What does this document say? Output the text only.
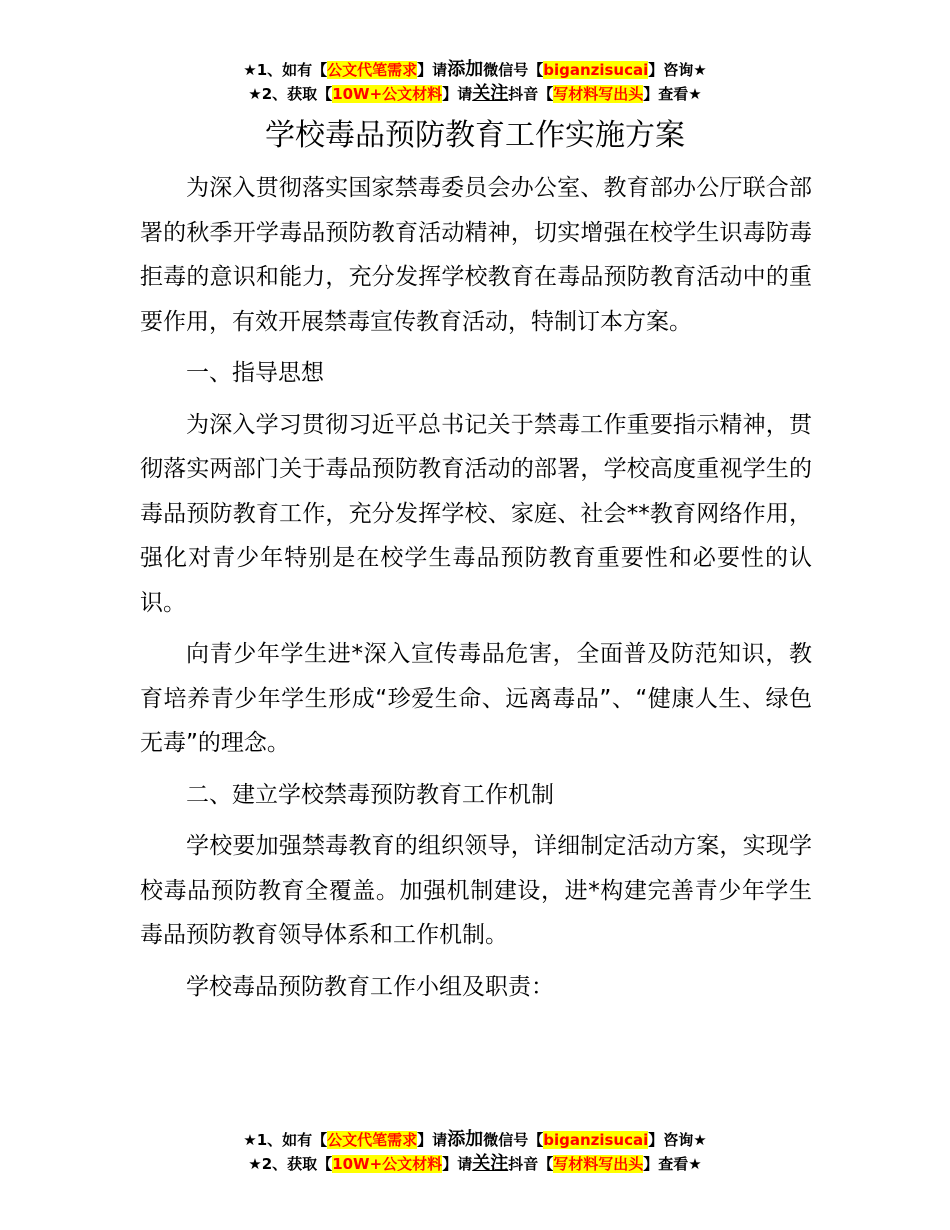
★1、如有【公文代笔需求】请添加微信号【biganzisucai】咨询★
★2、获取【10W+公文材料】请关注抖音【写材料写出头】查看★
学校毒品预防教育工作实施方案

为深入贯彻落实国家禁毒委员会办公室、教育部办公厅联合部署的秋季开学毒品预防教育活动精神，切实增强在校学生识毒防毒拒毒的意识和能力，充分发挥学校教育在毒品预防教育活动中的重要作用，有效开展禁毒宣传教育活动，特制订本方案。

一、指导思想

为深入学习贯彻习近平总书记关于禁毒工作重要指示精神，贯彻落实两部门关于毒品预防教育活动的部署，学校高度重视学生的毒品预防教育工作，充分发挥学校、家庭、社会**教育网络作用，强化对青少年特别是在校学生毒品预防教育重要性和必要性的认识。

向青少年学生进*深入宣传毒品危害，全面普及防范知识，教育培养青少年学生形成“珍爱生命、远离毒品”、“健康人生、绿色无毒”的理念。

二、建立学校禁毒预防教育工作机制

学校要加强禁毒教育的组织领导，详细制定活动方案，实现学校毒品预防教育全覆盖。加强机制建设，进*构建完善青少年学生毒品预防教育领导体系和工作机制。

学校毒品预防教育工作小组及职责：

★1、如有【公文代笔需求】请添加微信号【biganzisucai】咨询★
★2、获取【10W+公文材料】请关注抖音【写材料写出头】查看★
